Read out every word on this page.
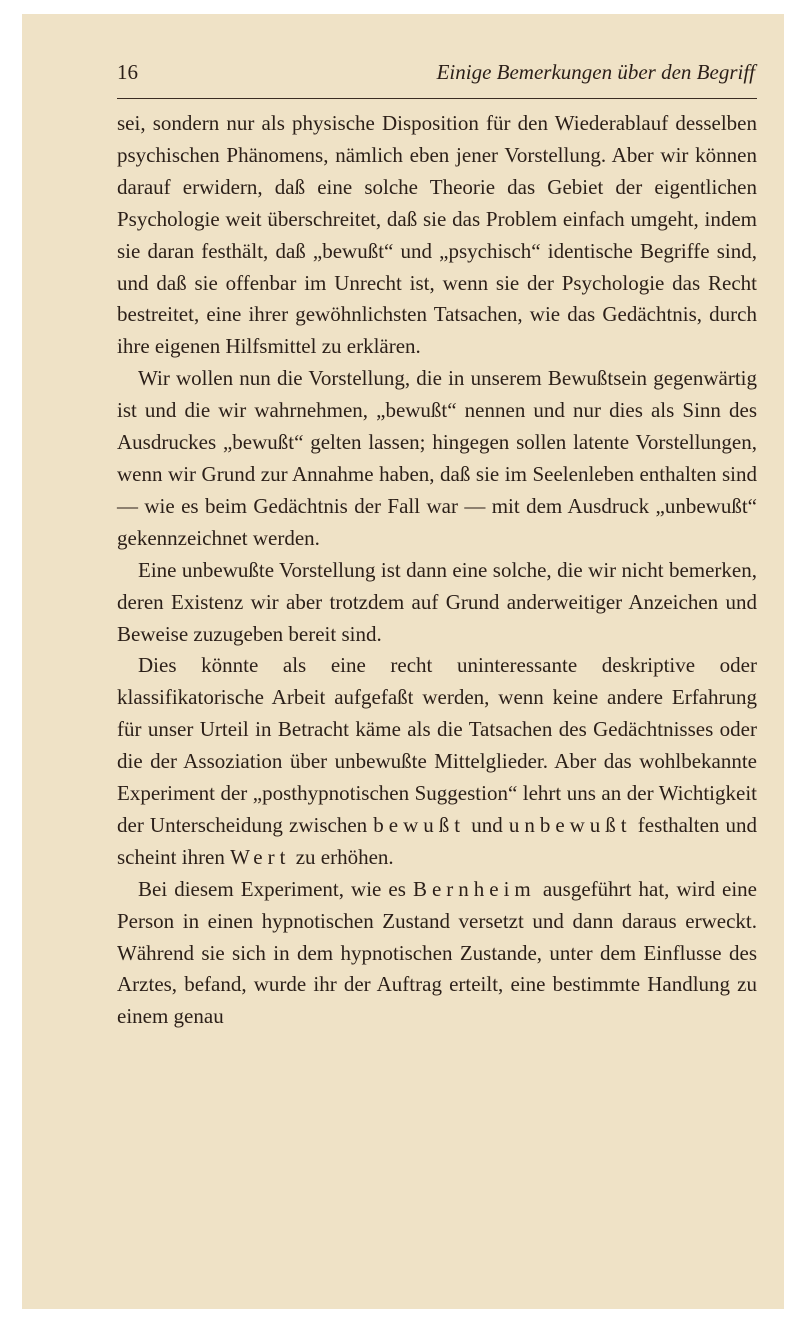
16	Einige Bemerkungen über den Begriff

sei, sondern nur als physische Disposition für den Wiederablauf desselben psychischen Phänomens, nämlich eben jener Vorstellung. Aber wir können darauf erwidern, daß eine solche Theorie das Gebiet der eigentlichen Psychologie weit überschreitet, daß sie das Problem einfach umgeht, indem sie daran festhält, daß „bewußt“ und „psychisch“ identische Begriffe sind, und daß sie offenbar im Unrecht ist, wenn sie der Psychologie das Recht bestreitet, eine ihrer gewöhnlichsten Tatsachen, wie das Gedächtnis, durch ihre eigenen Hilfsmittel zu erklären.

Wir wollen nun die Vorstellung, die in unserem Bewußtsein gegenwärtig ist und die wir wahrnehmen, „bewußt“ nennen und nur dies als Sinn des Ausdruckes „bewußt“ gelten lassen; hingegen sollen latente Vorstellungen, wenn wir Grund zur Annahme haben, daß sie im Seelenleben enthalten sind — wie es beim Gedächtnis der Fall war — mit dem Ausdruck „unbewußt“ gekennzeichnet werden.

Eine unbewußte Vorstellung ist dann eine solche, die wir nicht bemerken, deren Existenz wir aber trotzdem auf Grund anderweitiger Anzeichen und Beweise zuzugeben bereit sind.

Dies könnte als eine recht uninteressante deskriptive oder klassifikatorische Arbeit aufgefaßt werden, wenn keine andere Erfahrung für unser Urteil in Betracht käme als die Tatsachen des Gedächtnisses oder die der Assoziation über unbewußte Mittelglieder. Aber das wohlbekannte Experiment der „posthypnotischen Suggestion“ lehrt uns an der Wichtigkeit der Unterscheidung zwischen bewußt und unbewußt festhalten und scheint ihren Wert zu erhöhen.

Bei diesem Experiment, wie es Bernheim ausgeführt hat, wird eine Person in einen hypnotischen Zustand versetzt und dann daraus erweckt. Während sie sich in dem hypnotischen Zustande, unter dem Einflusse des Arztes, befand, wurde ihr der Auftrag erteilt, eine bestimmte Handlung zu einem genau
